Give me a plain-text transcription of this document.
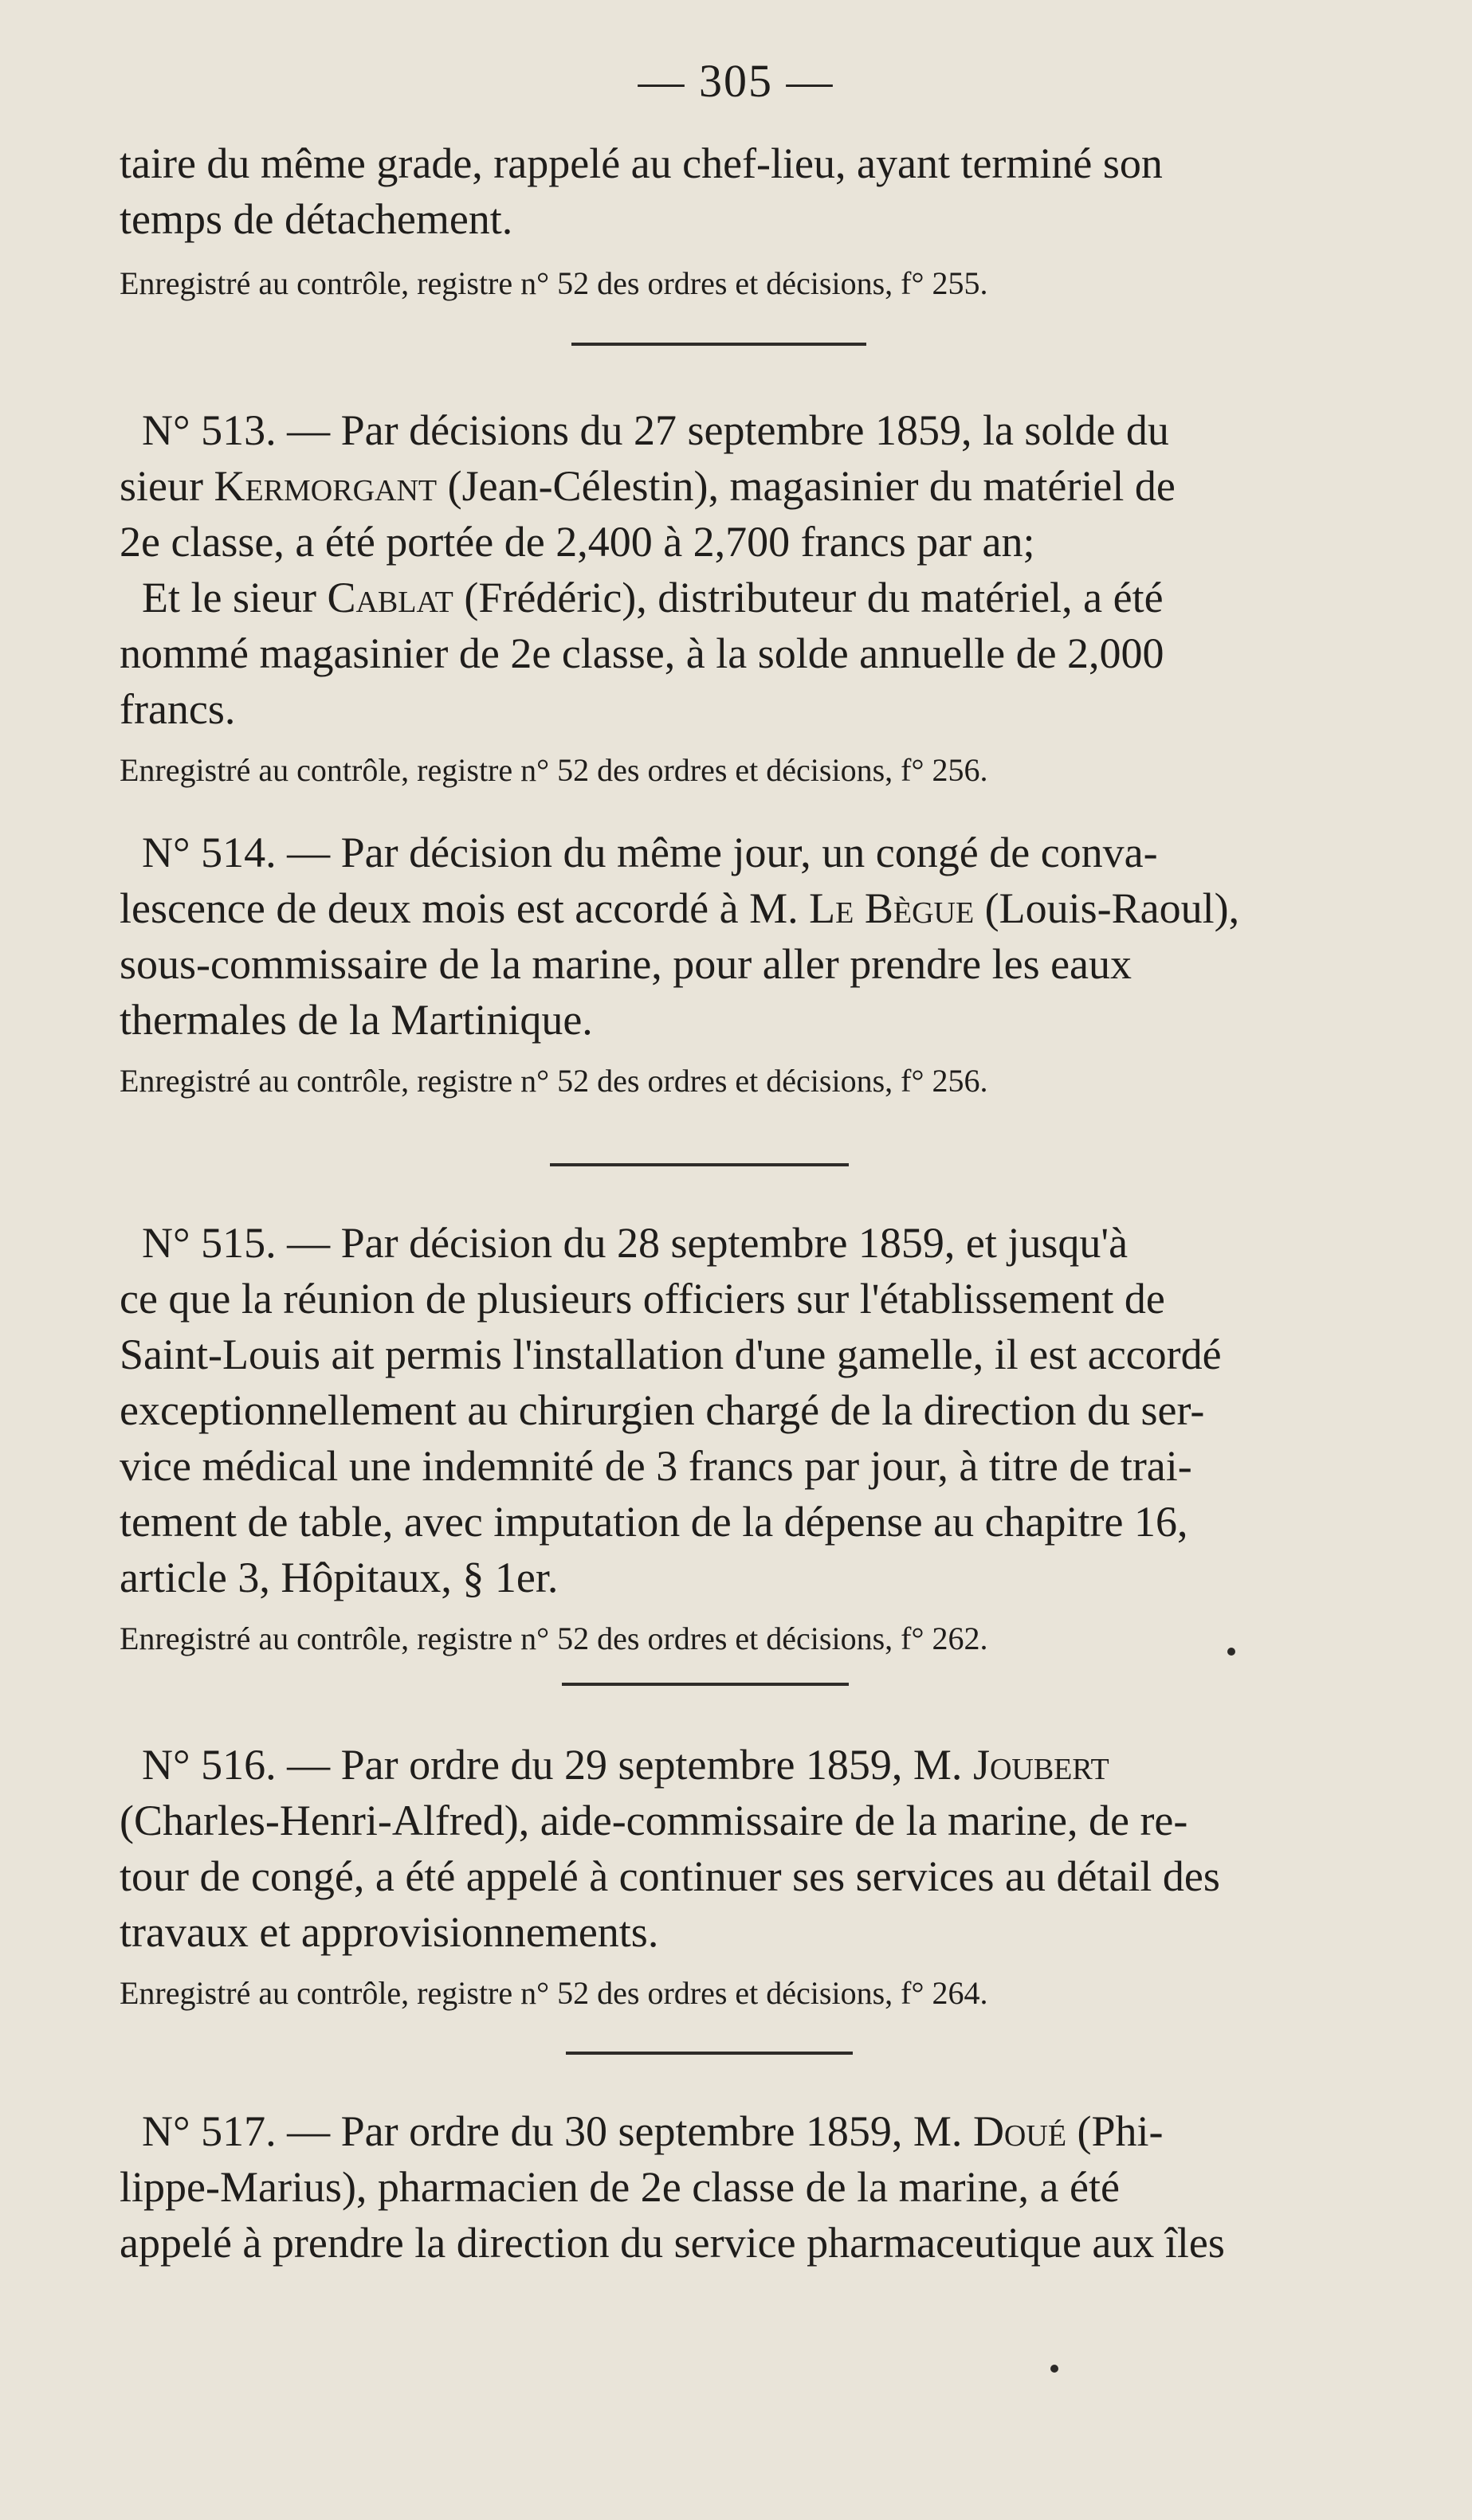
— 305 —

taire du même grade, rappelé au chef-lieu, ayant terminé son

temps de détachement.

Enregistré au contrôle, registre n° 52 des ordres et décisions, f° 255.

N° 513. — Par décisions du 27 septembre 1859, la solde du

sieur Kermorgant (Jean-Célestin), magasinier du matériel de

2e classe, a été portée de 2,400 à 2,700 francs par an;

Et le sieur Cablat (Frédéric), distributeur du matériel, a été

nommé magasinier de 2e classe, à la solde annuelle de 2,000

francs.

Enregistré au contrôle, registre n° 52 des ordres et décisions, f° 256.

N° 514. — Par décision du même jour, un congé de conva-

lescence de deux mois est accordé à M. Le Bègue (Louis-Raoul),

sous-commissaire de la marine, pour aller prendre les eaux

thermales de la Martinique.

Enregistré au contrôle, registre n° 52 des ordres et décisions, f° 256.

N° 515. — Par décision du 28 septembre 1859, et jusqu'à

ce que la réunion de plusieurs officiers sur l'établissement de

Saint-Louis ait permis l'installation d'une gamelle, il est accordé

exceptionnellement au chirurgien chargé de la direction du ser-

vice médical une indemnité de 3 francs par jour, à titre de trai-

tement de table, avec imputation de la dépense au chapitre 16,

article 3, Hôpitaux, § 1er.

Enregistré au contrôle, registre n° 52 des ordres et décisions, f° 262.

N° 516. — Par ordre du 29 septembre 1859, M. Joubert

(Charles-Henri-Alfred), aide-commissaire de la marine, de re-

tour de congé, a été appelé à continuer ses services au détail des

travaux et approvisionnements.

Enregistré au contrôle, registre n° 52 des ordres et décisions, f° 264.

N° 517. — Par ordre du 30 septembre 1859, M. Doué (Phi-

lippe-Marius), pharmacien de 2e classe de la marine, a été

appelé à prendre la direction du service pharmaceutique aux îles
